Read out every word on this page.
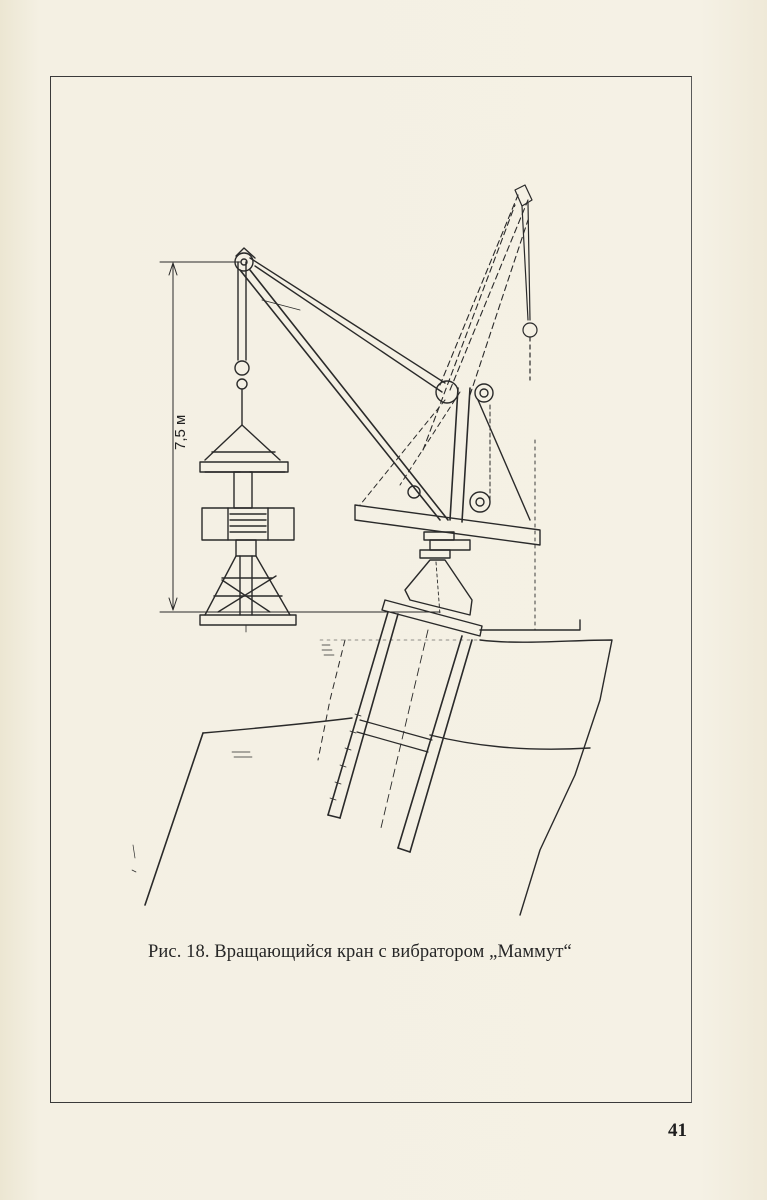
7,5 м
Рис. 18. Вращающийся кран с вибратором „Маммут“
41
